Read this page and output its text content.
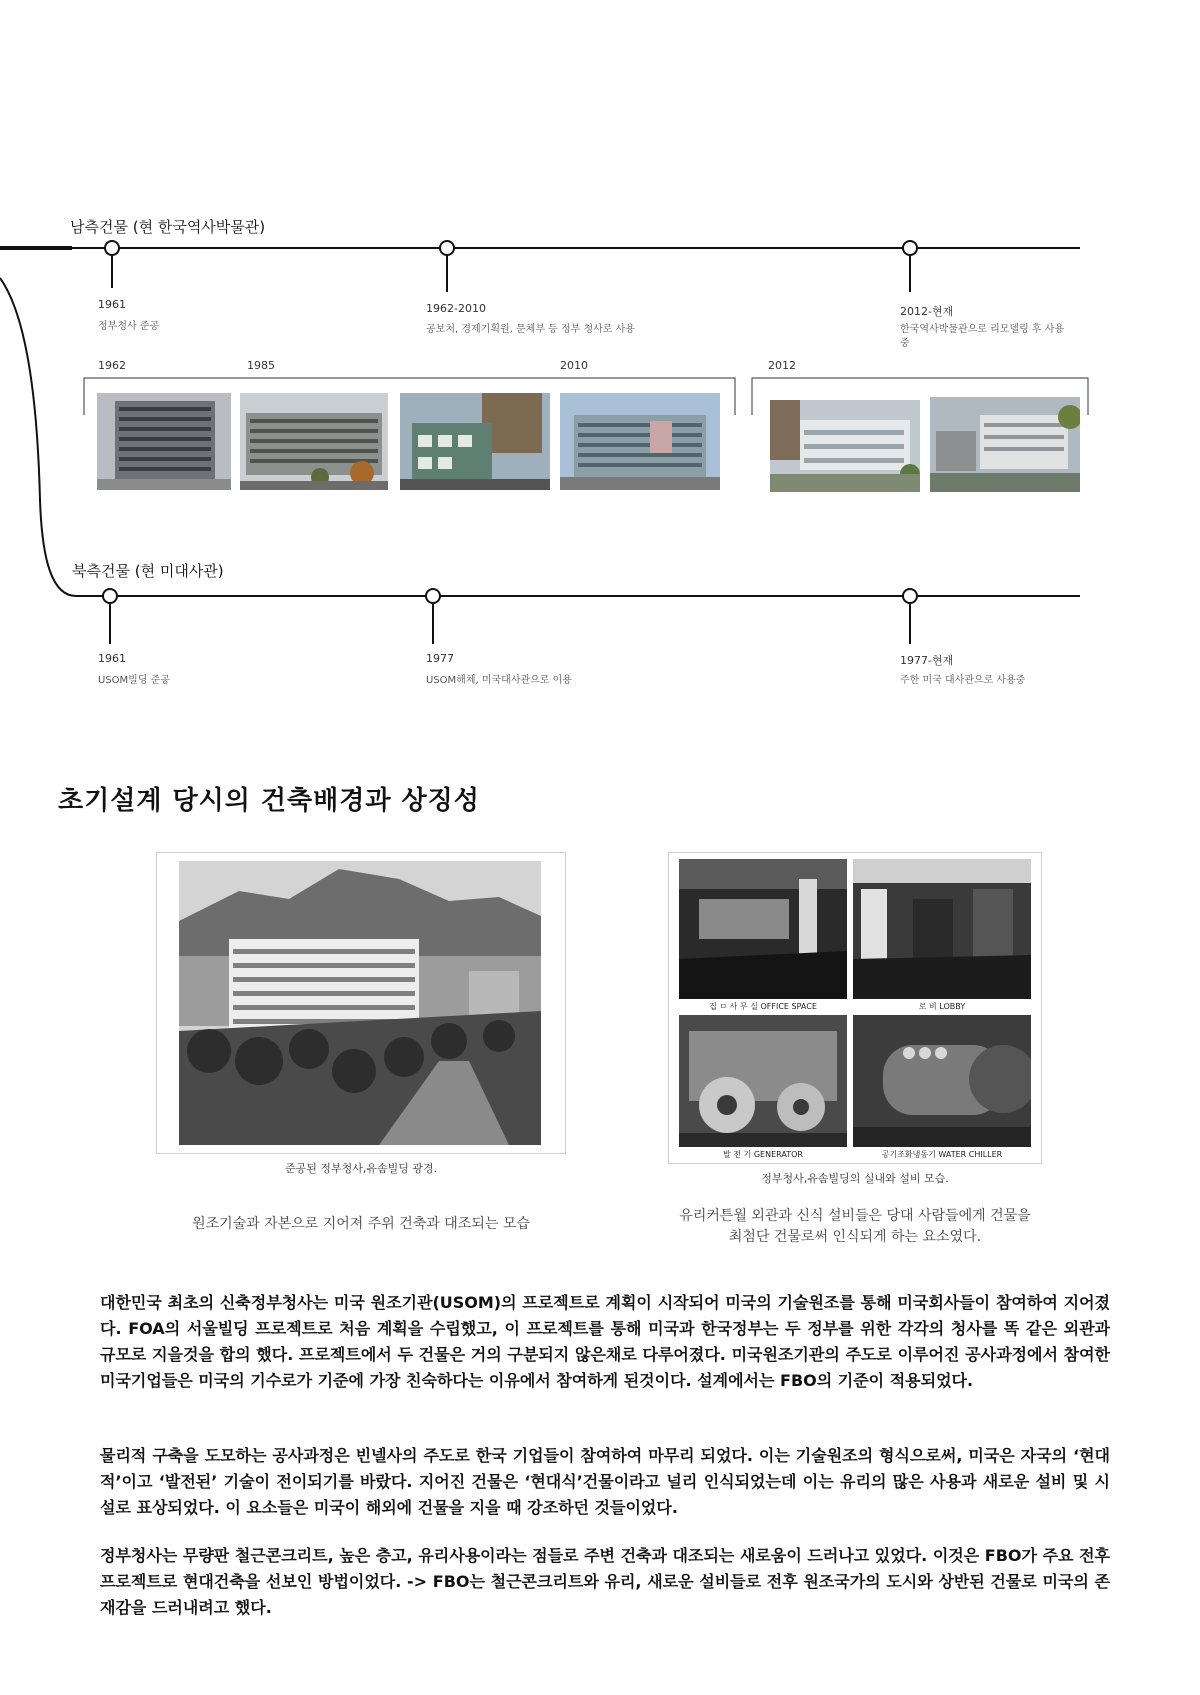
남측건물 (현 한국역사박물관)
1961
정부청사 준공
1962-2010
공보처, 경제기획원, 문체부 등 정부 청사로 사용
2012-현재
한국역사박물관으로 리모델링 후 사용중
1962	1985	2010	2012
북측건물 (현 미대사관)
1961
USOM빌딩 준공
1977
USOM해체, 미국대사관으로 이용
1977-현재
주한 미국 대사관으로 사용중
초기설계 당시의 건축배경과 상징성
준공된 정부청사,유솜빌딩 광경.
원조기술과 자본으로 지어져 주위 건축과 대조되는 모습
집 ㅁ 사 무 실 OFFICE SPACE	로 비 LOBBY
발 전 기 GENERATOR	공기조화냉동기 WATER CHILLER
정부청사,유솜빌딩의 실내와 설비 모습.
유리커튼월 외관과 신식 설비들은 당대 사람들에게 건물을
최첨단 건물로써 인식되게 하는 요소였다.
대한민국 최초의 신축정부청사는 미국 원조기관(USOM)의 프로젝트로 계획이 시작되어 미국의 기술원조를 통해 미국회사들이 참여하여 지어졌다. FOA의 서울빌딩 프로젝트로 처음 계획을 수립했고, 이 프로젝트를 통해 미국과 한국정부는 두 정부를 위한 각각의 청사를 똑 같은 외관과 규모로 지을것을 합의 했다. 프로젝트에서 두 건물은 거의 구분되지 않은채로 다루어졌다. 미국원조기관의 주도로 이루어진 공사과정에서 참여한 미국기업들은 미국의 기수로가 기준에 가장 친숙하다는 이유에서 참여하게 된것이다. 설계에서는 FBO의 기준이 적용되었다.
물리적 구축을 도모하는 공사과정은 빈넬사의 주도로 한국 기업들이 참여하여 마무리 되었다. 이는 기술원조의 형식으로써, 미국은 자국의 ‘현대적’이고 ‘발전된’ 기술이 전이되기를 바랐다. 지어진 건물은 ‘현대식’건물이라고 널리 인식되었는데 이는 유리의 많은 사용과 새로운 설비 및 시설로 표상되었다. 이 요소들은 미국이 해외에 건물을 지을 때 강조하던 것들이었다.
정부청사는 무량판 철근콘크리트, 높은 층고, 유리사용이라는 점들로 주변 건축과 대조되는 새로움이 드러나고 있었다. 이것은 FBO가 주요 전후 프로젝트로 현대건축을 선보인 방법이었다. -> FBO는 철근콘크리트와 유리, 새로운 설비들로 전후 원조국가의 도시와 상반된 건물로 미국의 존재감을 드러내려고 했다.
